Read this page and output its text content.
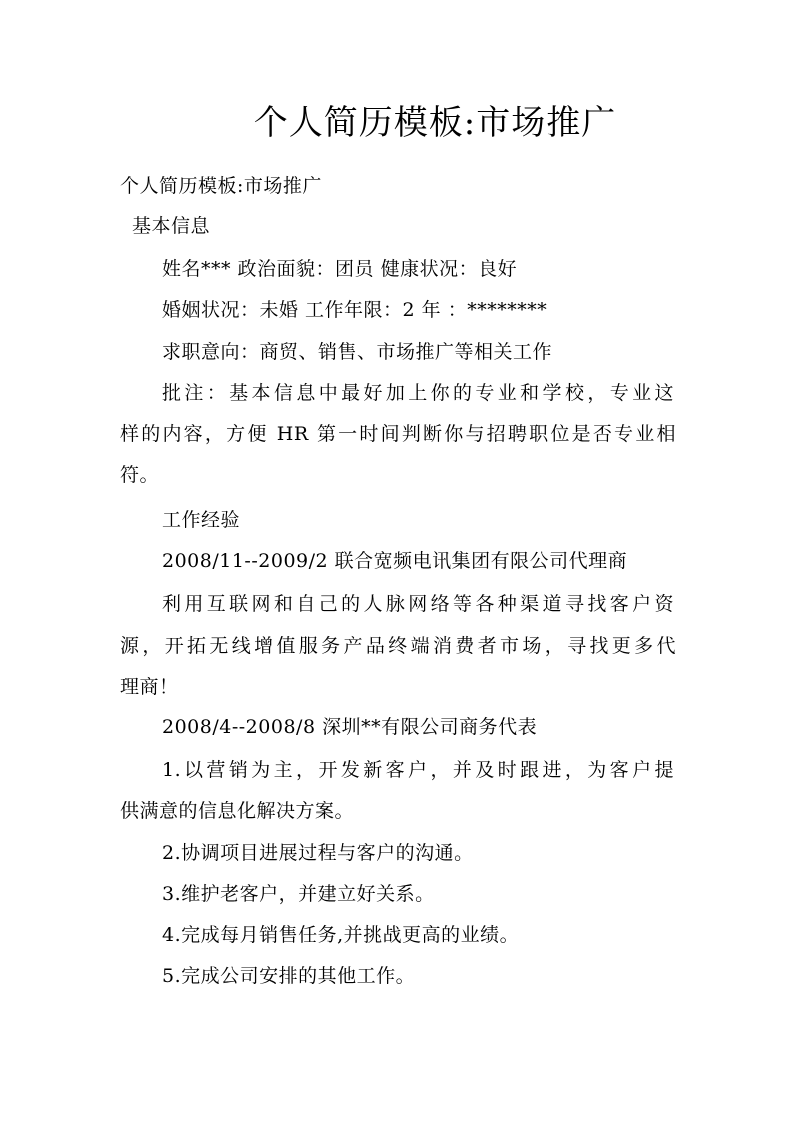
个人简历模板:市场推广
个人简历模板:市场推广
基本信息
姓名*** 政治面貌：团员 健康状况：良好
婚姻状况：未婚 工作年限：2 年 ：********
求职意向：商贸、销售、市场推广等相关工作
批注：基本信息中最好加上你的专业和学校，专业这
样的内容，方便 HR 第一时间判断你与招聘职位是否专业相
符。
工作经验
2008/11--2009/2 联合宽频电讯集团有限公司代理商
利用互联网和自己的人脉网络等各种渠道寻找客户资
源，开拓无线增值服务产品终端消费者市场，寻找更多代
理商！
2008/4--2008/8 深圳**有限公司商务代表
1.以营销为主，开发新客户，并及时跟进，为客户提
供满意的信息化解决方案。
2.协调项目进展过程与客户的沟通。
3.维护老客户，并建立好关系。
4.完成每月销售任务,并挑战更高的业绩。
5.完成公司安排的其他工作。
